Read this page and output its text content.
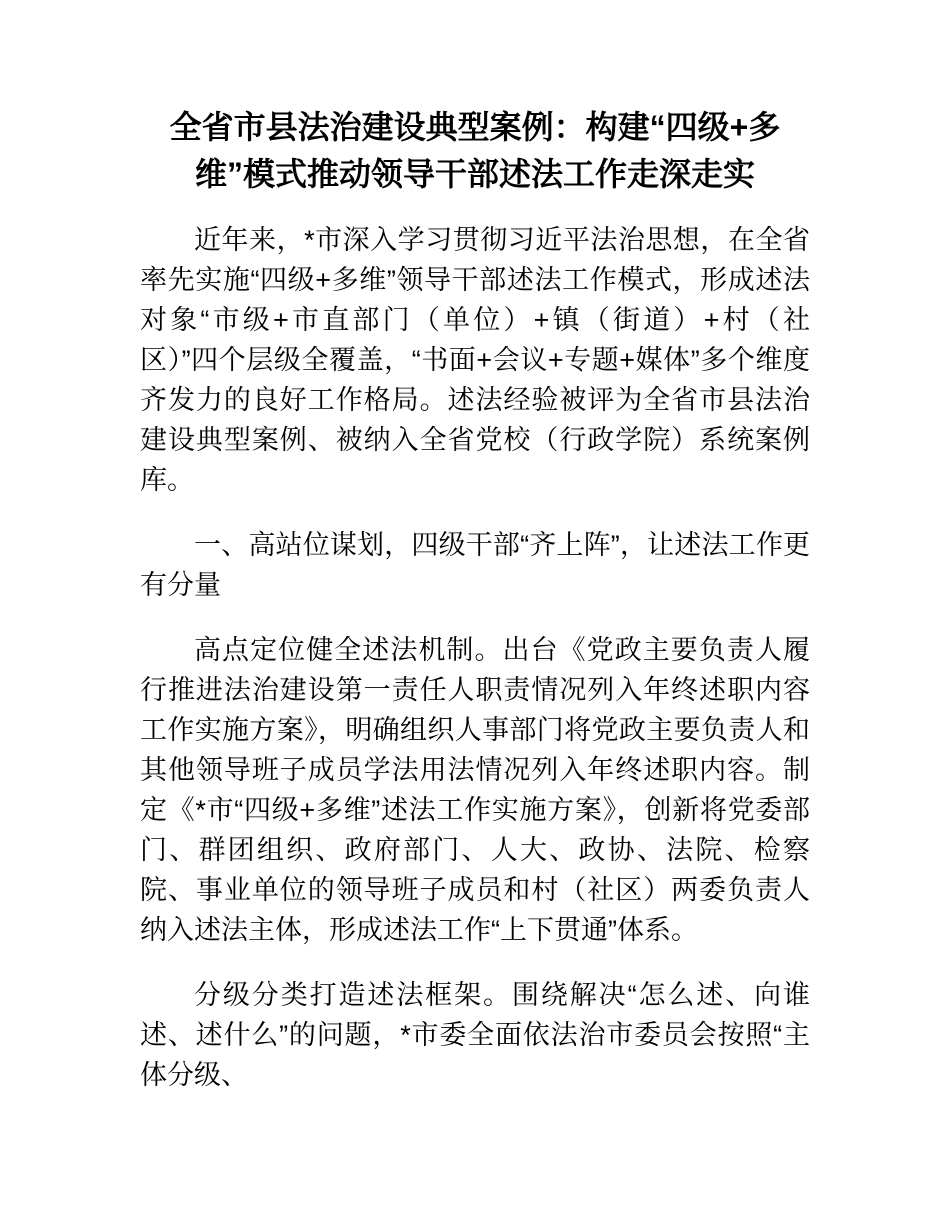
全省市县法治建设典型案例：构建“四级+多维”模式推动领导干部述法工作走深走实

近年来，*市深入学习贯彻习近平法治思想，在全省率先实施“四级+多维”领导干部述法工作模式，形成述法对象“市级+市直部门（单位）+镇（街道）+村（社区）”四个层级全覆盖，“书面+会议+专题+媒体”多个维度齐发力的良好工作格局。述法经验被评为全省市县法治建设典型案例、被纳入全省党校（行政学院）系统案例库。

一、高站位谋划，四级干部“齐上阵”，让述法工作更有分量

高点定位健全述法机制。出台《党政主要负责人履行推进法治建设第一责任人职责情况列入年终述职内容工作实施方案》，明确组织人事部门将党政主要负责人和其他领导班子成员学法用法情况列入年终述职内容。制定《*市“四级+多维”述法工作实施方案》，创新将党委部门、群团组织、政府部门、人大、政协、法院、检察院、事业单位的领导班子成员和村（社区）两委负责人纳入述法主体，形成述法工作“上下贯通”体系。

分级分类打造述法框架。围绕解决“怎么述、向谁述、述什么”的问题，*市委全面依法治市委员会按照“主体分级、
